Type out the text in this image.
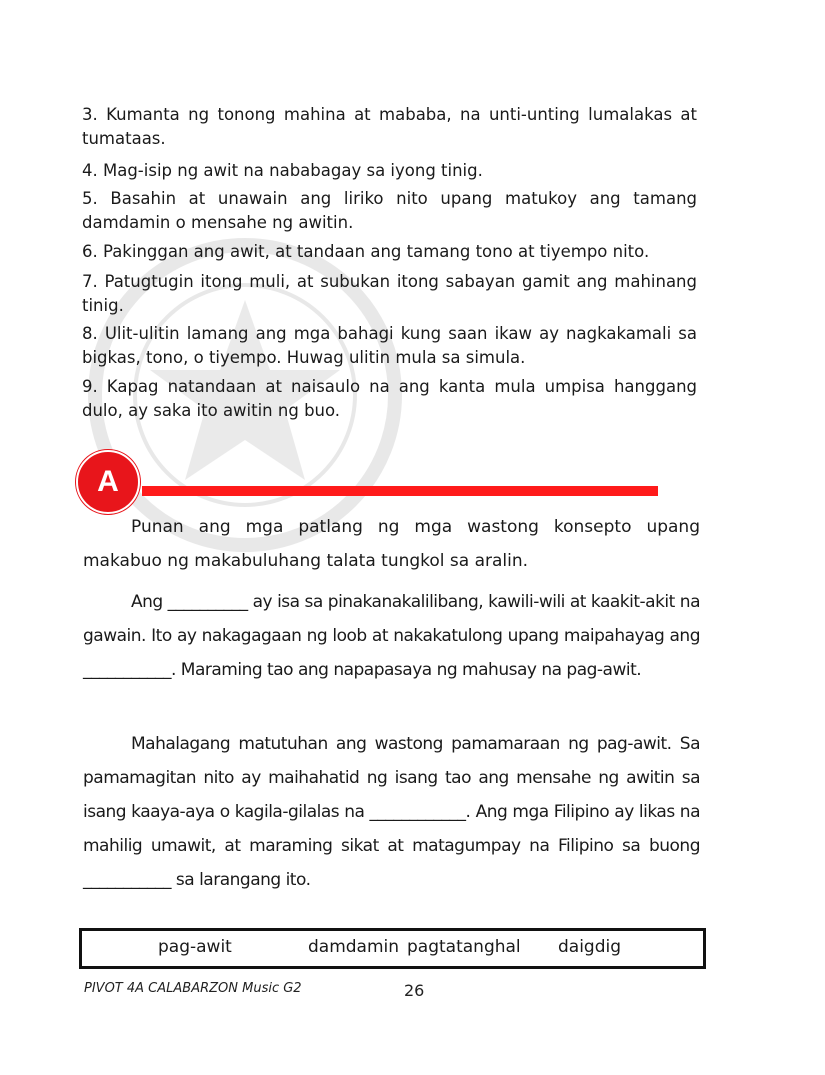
3. Kumanta ng tonong mahina at mababa, na unti-unting lumalakas at tumataas.
4. Mag-isip ng awit na nababagay sa iyong tinig.
5. Basahin at unawain ang liriko nito upang matukoy ang tamang damdamin o mensahe ng awitin.
6. Pakinggan ang awit, at tandaan ang tamang tono at tiyempo nito.
7. Patugtugin itong muli, at subukan itong sabayan gamit ang mahinang tinig.
8. Ulit-ulitin lamang ang mga bahagi kung saan ikaw ay nagkakamali sa bigkas, tono, o tiyempo. Huwag ulitin mula sa simula.
9. Kapag natandaan at naisaulo na ang kanta mula umpisa hanggang dulo, ay saka ito awitin ng buo.
A
Punan ang mga patlang ng mga wastong konsepto upang makabuo ng makabuluhang talata tungkol sa aralin.
Ang __________ ay isa sa pinakanakalilibang, kawili-wili at kaakit-akit na gawain. Ito ay nakagagaan ng loob at nakakatulong upang maipahayag ang ___________. Maraming tao ang napapasaya ng mahusay na pag-awit.
Mahalagang matutuhan ang wastong pamamaraan ng pag-awit. Sa pamamagitan nito ay maihahatid ng isang tao ang mensahe ng awitin sa isang kaaya-aya o kagila-gilalas na ____________. Ang mga Filipino ay likas na mahilig umawit, at maraming sikat at matagumpay na Filipino sa buong ___________ sa larangang ito.
pag-awit	damdamin pagtatanghal daigdig
PIVOT 4A CALABARZON Music G2	26
